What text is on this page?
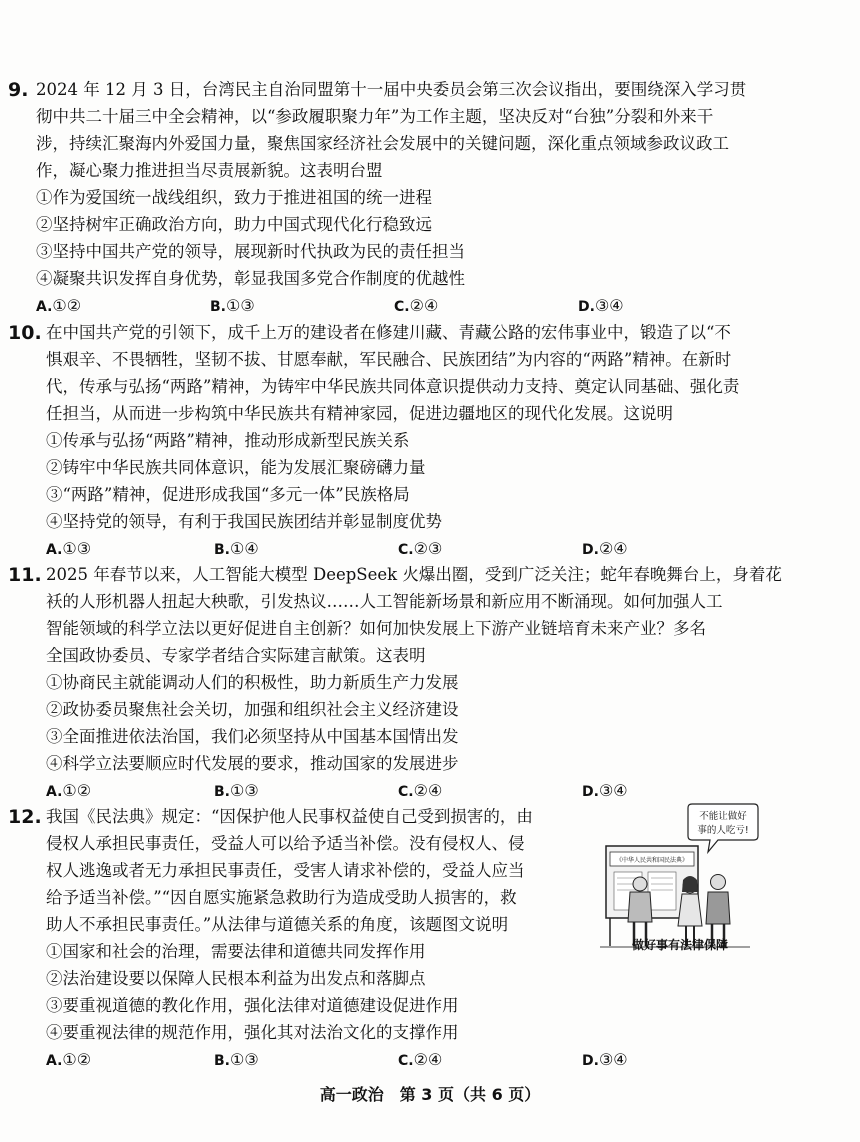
9. 2024 年 12 月 3 日，台湾民主自治同盟第十一届中央委员会第三次会议指出，要围绕深入学习贯
彻中共二十届三中全会精神，以“参政履职聚力年”为工作主题，坚决反对“台独”分裂和外来干
涉，持续汇聚海内外爱国力量，聚焦国家经济社会发展中的关键问题，深化重点领域参政议政工
作，凝心聚力推进担当尽责展新貌。这表明台盟
①作为爱国统一战线组织，致力于推进祖国的统一进程
②坚持树牢正确政治方向，助力中国式现代化行稳致远
③坚持中国共产党的领导，展现新时代执政为民的责任担当
④凝聚共识发挥自身优势，彰显我国多党合作制度的优越性
A.①②	B.①③	C.②④	D.③④
10. 在中国共产党的引领下，成千上万的建设者在修建川藏、青藏公路的宏伟事业中，锻造了以“不
惧艰辛、不畏牺牲，坚韧不拔、甘愿奉献，军民融合、民族团结”为内容的“两路”精神。在新时
代，传承与弘扬“两路”精神，为铸牢中华民族共同体意识提供动力支持、奠定认同基础、强化责
任担当，从而进一步构筑中华民族共有精神家园，促进边疆地区的现代化发展。这说明
①传承与弘扬“两路”精神，推动形成新型民族关系
②铸牢中华民族共同体意识，能为发展汇聚磅礴力量
③“两路”精神，促进形成我国“多元一体”民族格局
④坚持党的领导，有利于我国民族团结并彰显制度优势
A.①③	B.①④	C.②③	D.②④
11. 2025 年春节以来，人工智能大模型 DeepSeek 火爆出圈，受到广泛关注；蛇年春晚舞台上，身着花
袄的人形机器人扭起大秧歌，引发热议……人工智能新场景和新应用不断涌现。如何加强人工
智能领域的科学立法以更好促进自主创新？如何加快发展上下游产业链培育未来产业？多名
全国政协委员、专家学者结合实际建言献策。这表明
①协商民主就能调动人们的积极性，助力新质生产力发展
②政协委员聚焦社会关切，加强和组织社会主义经济建设
③全面推进依法治国，我们必须坚持从中国基本国情出发
④科学立法要顺应时代发展的要求，推动国家的发展进步
A.①②	B.①③	C.②④	D.③④
12. 我国《民法典》规定：“因保护他人民事权益使自己受到损害的，由
侵权人承担民事责任，受益人可以给予适当补偿。没有侵权人、侵
权人逃逸或者无力承担民事责任，受害人请求补偿的，受益人应当
给予适当补偿。”“因自愿实施紧急救助行为造成受助人损害的，救
助人不承担民事责任。”从法律与道德关系的角度，该题图文说明
①国家和社会的治理，需要法律和道德共同发挥作用
②法治建设要以保障人民根本利益为出发点和落脚点
③要重视道德的教化作用，强化法律对道德建设促进作用
④要重视法律的规范作用，强化其对法治文化的支撑作用
A.①②	B.①③	C.②④	D.③④
不能让做好
事的人吃亏!
《中华人民共和国民法典》
做好事有法律保障
高一政治　第 3 页（共 6 页）
